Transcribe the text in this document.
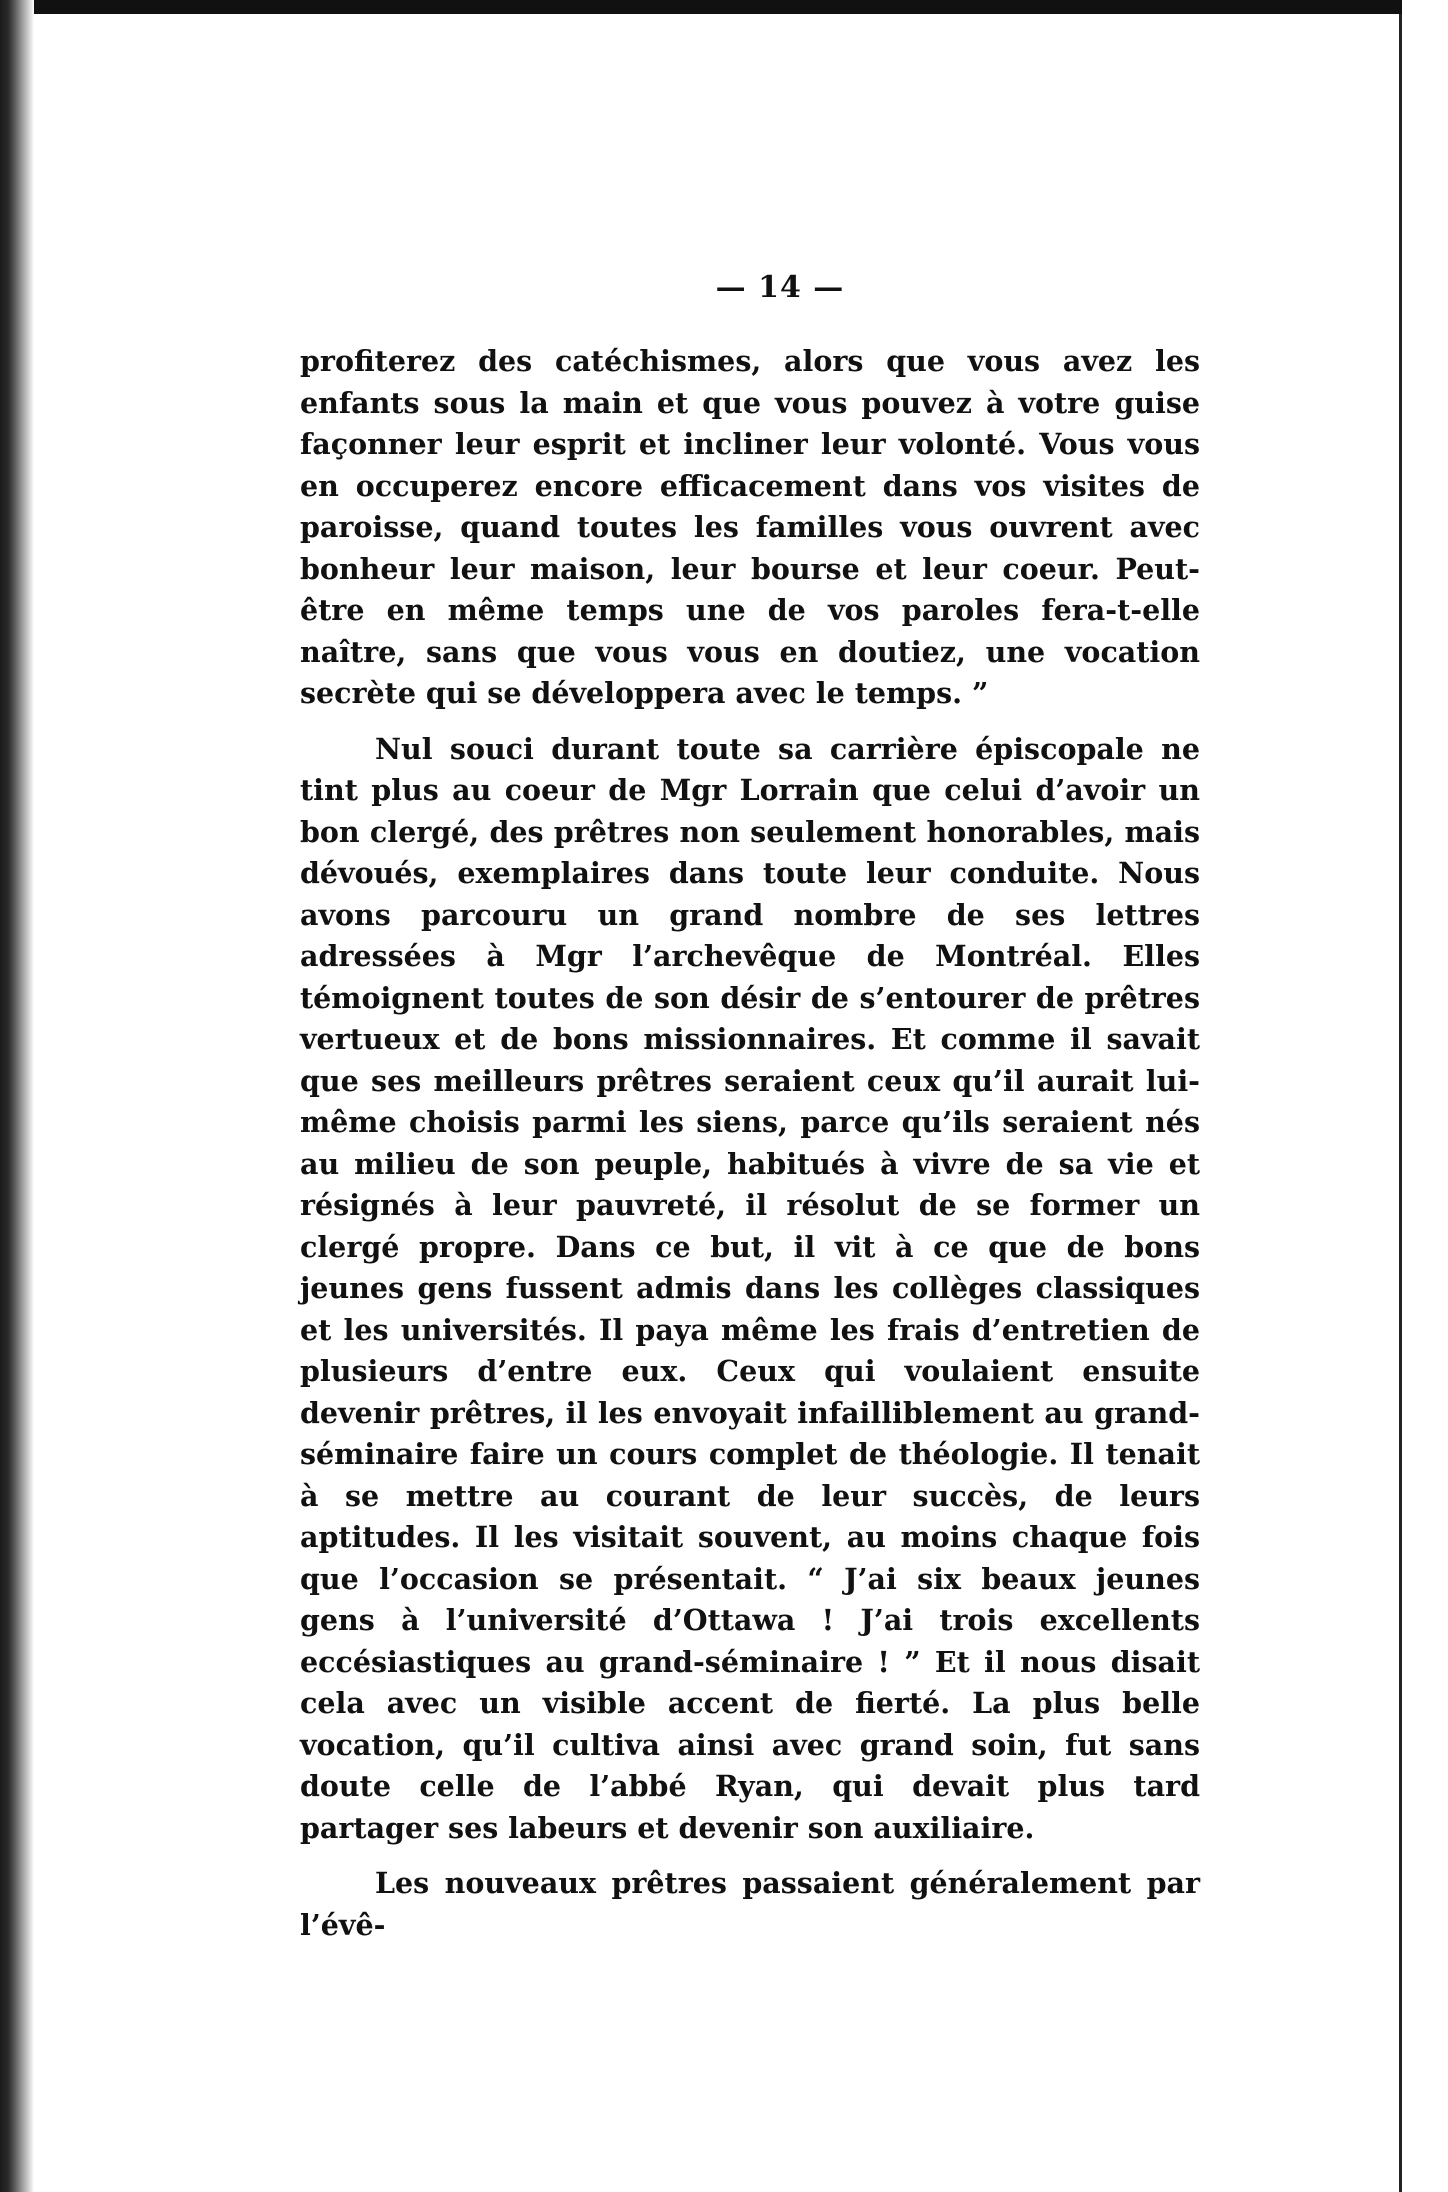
— 14 —

profiterez des catéchismes, alors que vous avez les enfants sous la main et que vous pouvez à votre guise façonner leur esprit et incliner leur volonté. Vous vous en occuperez encore efficacement dans vos visites de paroisse, quand toutes les familles vous ouvrent avec bonheur leur maison, leur bourse et leur coeur. Peut-être en même temps une de vos paroles fera-t-elle naître, sans que vous vous en doutiez, une vocation secrète qui se développera avec le temps. ”

Nul souci durant toute sa carrière épiscopale ne tint plus au coeur de Mgr Lorrain que celui d’avoir un bon clergé, des prêtres non seulement honorables, mais dévoués, exemplaires dans toute leur conduite. Nous avons parcouru un grand nombre de ses lettres adressées à Mgr l’archevêque de Montréal. Elles témoignent toutes de son désir de s’entourer de prêtres vertueux et de bons missionnaires. Et comme il savait que ses meilleurs prêtres seraient ceux qu’il aurait lui-même choisis parmi les siens, parce qu’ils seraient nés au milieu de son peuple, habitués à vivre de sa vie et résignés à leur pauvreté, il résolut de se former un clergé propre. Dans ce but, il vit à ce que de bons jeunes gens fussent admis dans les collèges classiques et les universités. Il paya même les frais d’entretien de plusieurs d’entre eux. Ceux qui voulaient ensuite devenir prêtres, il les envoyait infailliblement au grand-séminaire faire un cours complet de théologie. Il tenait à se mettre au courant de leur succès, de leurs aptitudes. Il les visitait souvent, au moins chaque fois que l’occasion se présentait. “ J’ai six beaux jeunes gens à l’université d’Ottawa ! J’ai trois excellents eccésiastiques au grand-séminaire ! ” Et il nous disait cela avec un visible accent de fierté. La plus belle vocation, qu’il cultiva ainsi avec grand soin, fut sans doute celle de l’abbé Ryan, qui devait plus tard partager ses labeurs et devenir son auxiliaire.

Les nouveaux prêtres passaient généralement par l’évê-
